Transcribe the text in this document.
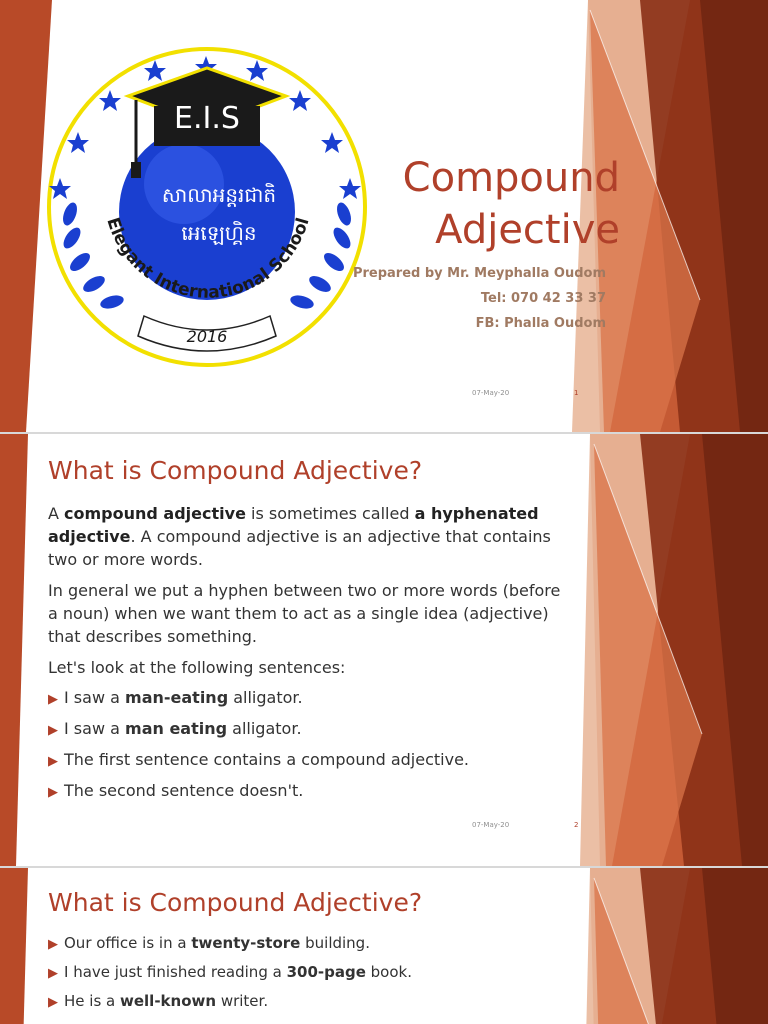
E.I.S
សាលាអន្តរជាតិ
អេឡេហ្គិន
Elegant International School
2016
Compound
Adjective
Prepared by Mr. Meyphalla Oudom
Tel: 070 42 33 37
FB: Phalla Oudom
07-May-20	1
What is Compound Adjective?

A compound adjective is sometimes called a hyphenated adjective. A compound adjective is an adjective that contains two or more words.

In general we put a hyphen between two or more words (before a noun) when we want them to act as a single idea (adjective) that describes something.

Let's look at the following sentences:

▶ I saw a man-eating alligator.

▶ I saw a man eating alligator.

▶ The first sentence contains a compound adjective.

▶ The second sentence doesn't.

07-May-20	2
What is Compound Adjective?

▶ Our office is in a twenty-store building.

▶ I have just finished reading a 300-page book.

▶ He is a well-known writer.
